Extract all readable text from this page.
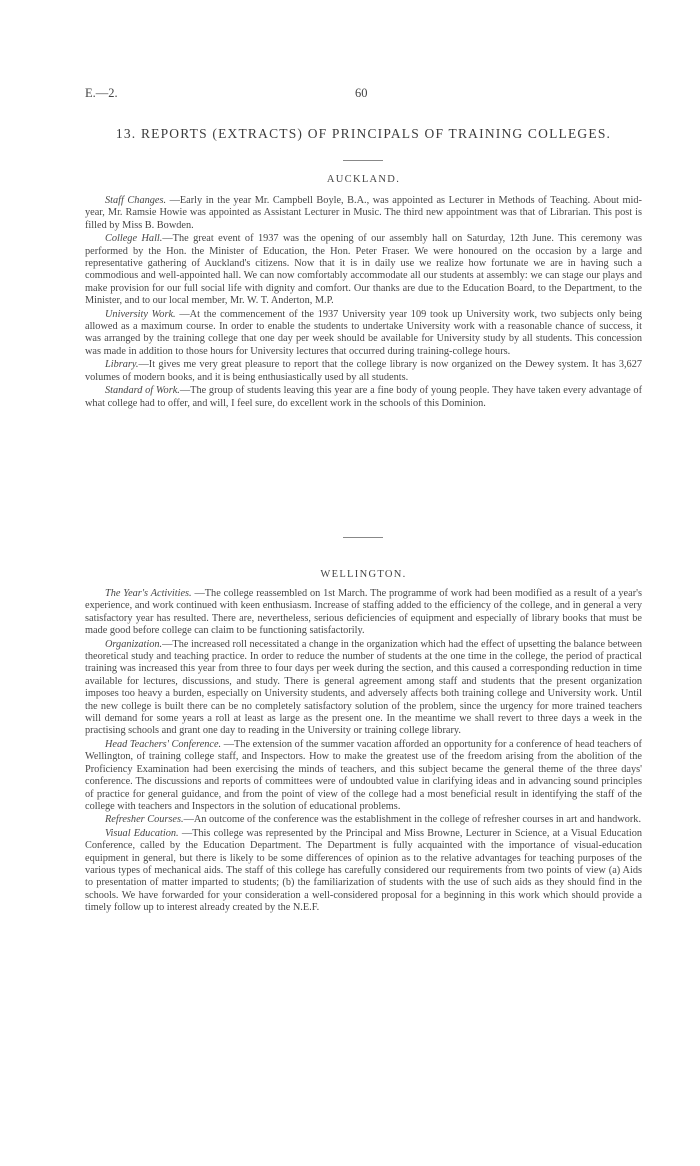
E.—2.	60
13. REPORTS (EXTRACTS) OF PRINCIPALS OF TRAINING COLLEGES.
AUCKLAND.

Staff Changes. —Early in the year Mr. Campbell Boyle, B.A., was appointed as Lecturer in Methods of Teaching. About mid-year, Mr. Ramsie Howie was appointed as Assistant Lecturer in Music. The third new appointment was that of Librarian. This post is filled by Miss B. Bowden.

College Hall.—The great event of 1937 was the opening of our assembly hall on Saturday, 12th June. This ceremony was performed by the Hon. the Minister of Education, the Hon. Peter Fraser. We were honoured on the occasion by a large and representative gathering of Auckland's citizens. Now that it is in daily use we realize how fortunate we are in having such a commodious and well-appointed hall. We can now comfortably accommodate all our students at assembly: we can stage our plays and make provision for our full social life with dignity and comfort. Our thanks are due to the Education Board, to the Department, to the Minister, and to our local member, Mr. W. T. Anderton, M.P.

University Work. —At the commencement of the 1937 University year 109 took up University work, two subjects only being allowed as a maximum course. In order to enable the students to undertake University work with a reasonable chance of success, it was arranged by the training college that one day per week should be available for University study by all students. This concession was made in addition to those hours for University lectures that occurred during training-college hours.

Library.—It gives me very great pleasure to report that the college library is now organized on the Dewey system. It has 3,627 volumes of modern books, and it is being enthusiastically used by all students.

Standard of Work.—The group of students leaving this year are a fine body of young people. They have taken every advantage of what college had to offer, and will, I feel sure, do excellent work in the schools of this Dominion.

WELLINGTON.

The Year's Activities. —The college reassembled on 1st March. The programme of work had been modified as a result of a year's experience, and work continued with keen enthusiasm. Increase of staffing added to the efficiency of the college, and in general a very satisfactory year has resulted. There are, nevertheless, serious deficiencies of equipment and especially of library books that must be made good before college can claim to be functioning satisfactorily.

Organization.—The increased roll necessitated a change in the organization which had the effect of upsetting the balance between theoretical study and teaching practice. In order to reduce the number of students at the one time in the college, the period of practical training was increased this year from three to four days per week during the section, and this caused a corresponding reduction in time available for lectures, discussions, and study. There is general agreement among staff and students that the present organization imposes too heavy a burden, especially on University students, and adversely affects both training college and University work. Until the new college is built there can be no completely satisfactory solution of the problem, since the urgency for more trained teachers will demand for some years a roll at least as large as the present one. In the meantime we shall revert to three days a week in the practising schools and grant one day to reading in the University or training college library.

Head Teachers' Conference. —The extension of the summer vacation afforded an opportunity for a conference of head teachers of Wellington, of training college staff, and Inspectors. How to make the greatest use of the freedom arising from the abolition of the Proficiency Examination had been exercising the minds of teachers, and this subject became the general theme of the three days' conference. The discussions and reports of committees were of undoubted value in clarifying ideas and in advancing sound principles of practice for general guidance, and from the point of view of the college had a most beneficial result in identifying the staff of the college with teachers and Inspectors in the solution of educational problems.

Refresher Courses.—An outcome of the conference was the establishment in the college of refresher courses in art and handwork.

Visual Education. —This college was represented by the Principal and Miss Browne, Lecturer in Science, at a Visual Education Conference, called by the Education Department. The Department is fully acquainted with the importance of visual-education equipment in general, but there is likely to be some differences of opinion as to the relative advantages for teaching purposes of the various types of mechanical aids. The staff of this college has carefully considered our requirements from two points of view (a) Aids to presentation of matter imparted to students; (b) the familiarization of students with the use of such aids as they should find in the schools. We have forwarded for your consideration a well-considered proposal for a beginning in this work which should provide a timely follow up to interest already created by the N.E.F.
